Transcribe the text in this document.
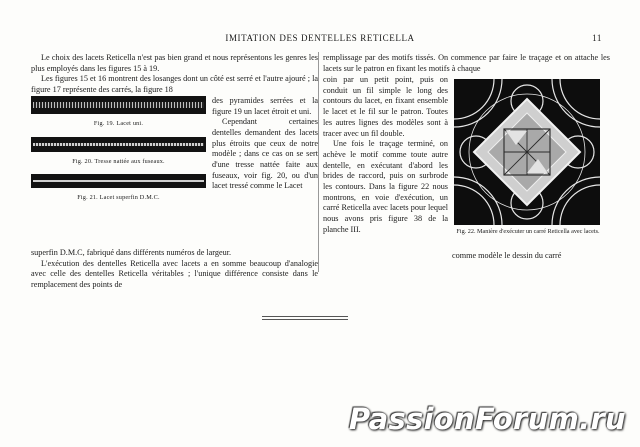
IMITATION DES DENTELLES RETICELLA	11

Le choix des lacets Reticella n'est pas bien grand et nous représentons les genres les plus employés dans les figures 15 à 19.

Les figures 15 et 16 montrent des losanges dont un côté est serré et l'autre ajouré ; la figure 17 représente des carrés, la figure 18

Fig. 19. Lacet uni.
Fig. 20. Tresse nattée aux fuseaux.
Fig. 21. Lacet superfin D.M.C.

des pyramides serrées et la figure 19 un lacet étroit et uni.

Cependant certaines dentelles demandent des lacets plus étroits que ceux de notre modèle ; dans ce cas on se sert d'une tresse nattée faite aux fuseaux, voir fig. 20, ou d'un lacet tressé comme le Lacet

superfin D.M.C, fabriqué dans différents numéros de largeur.

L'exécution des dentelles Reticella avec lacets a en somme beaucoup d'analogie avec celle des dentelles Reticella véritables ; l'unique différence consiste dans le remplacement des points de

remplissage par des motifs tissés. On commence par faire le traçage et on attache les lacets sur le patron en fixant les motifs à chaque

coin par un petit point, puis on conduit un fil simple le long des contours du lacet, en fixant ensemble le lacet et le fil sur le patron. Toutes les autres lignes des modèles sont à tracer avec un fil double.

Une fois le traçage terminé, on achève le motif comme toute autre dentelle, en exécutant d'abord les brides de raccord, puis on surbrode les contours. Dans la figure 22 nous montrons, en voie d'exécution, un carré Reticella avec lacets pour lequel nous avons pris figure 38 de la planche III.	Fig. 22. Manière d'exécuter un carré Reticella avec lacets.

comme modèle le dessin du carré

PassionForum.ru
